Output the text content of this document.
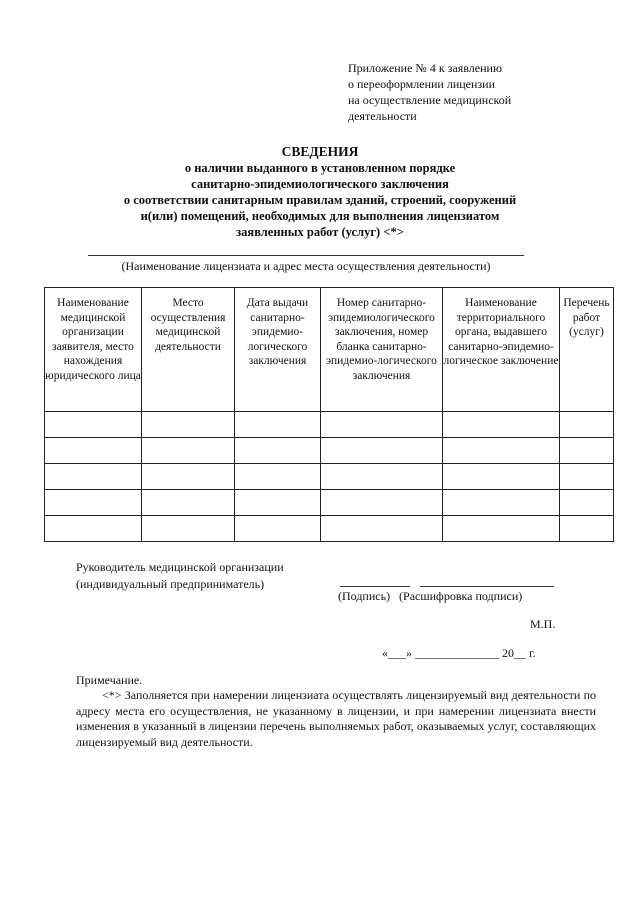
Приложение № 4 к заявлению
о переоформлении лицензии
на осуществление медицинской
деятельности
СВЕДЕНИЯ
о наличии выданного в установленном порядке
санитарно-эпидемиологического заключения
о соответствии санитарным правилам зданий, строений, сооружений
и(или) помещений, необходимых для выполнения лицензиатом
заявленных работ (услуг) <*>
(Наименование лицензиата и адрес места осуществления деятельности)
Наименование медицинской организации заявителя, место нахождения юридического лица	Место осуществления медицинской деятельности	Дата выдачи санитарно-эпидемио-логического заключения	Номер санитарно-эпидемиологического заключения, номер бланка санитарно-эпидемио-логического заключения	Наименование территориального органа, выдавшего санитарно-эпидемио-логическое заключение	Перечень работ (услуг)

Руководитель медицинской организации
(индивидуальный предприниматель)
(Подпись)   (Расшифровка подписи)
М.П.
«___» ______________ 20__ г.
Примечание.
<*> Заполняется при намерении лицензиата осуществлять лицензируемый вид деятельности по адресу места его осуществления, не указанному в лицензии, и при намерении лицензиата внести изменения в указанный в лицензии перечень выполняемых работ, оказываемых услуг, составляющих лицензируемый вид деятельности.
